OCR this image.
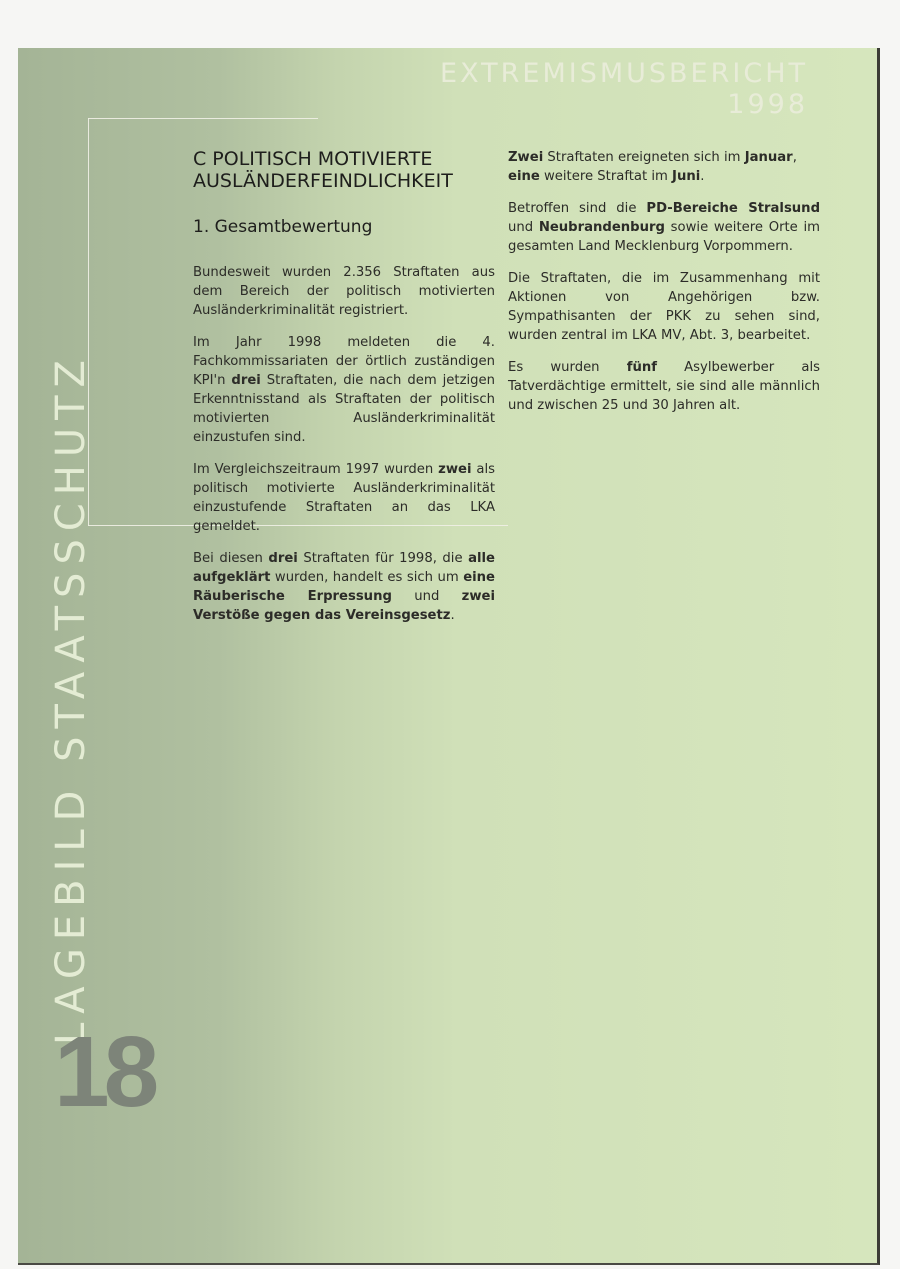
EXTREMISMUSBERICHT 1998
LAGEBILD STAATSSCHUTZ
18
C POLITISCH MOTIVIERTE
AUSLÄNDERFEINDLICHKEIT
1. Gesamtbewertung

Bundesweit wurden 2.356 Straftaten aus dem Bereich der politisch motivierten Ausländerkriminalität registriert.

Im Jahr 1998 meldeten die 4. Fachkommissariaten der örtlich zuständigen KPI'n drei Straftaten, die nach dem jetzigen Erkenntnisstand als Straftaten der politisch motivierten Ausländerkriminalität einzustufen sind.

Im Vergleichszeitraum 1997 wurden zwei als politisch motivierte Ausländerkriminalität einzustufende Straftaten an das LKA gemeldet.

Bei diesen drei Straftaten für 1998, die alle aufgeklärt wurden, handelt es sich um eine Räuberische Erpressung und zwei Verstöße gegen das Vereinsgesetz.

Zwei Straftaten ereigneten sich im Januar, eine weitere Straftat im Juni.

Betroffen sind die PD-Bereiche Stralsund und Neubrandenburg sowie weitere Orte im gesamten Land Mecklenburg Vorpommern.

Die Straftaten, die im Zusammenhang mit Aktionen von Angehörigen bzw. Sympathisanten der PKK zu sehen sind, wurden zentral im LKA MV, Abt. 3, bearbeitet.

Es wurden fünf Asylbewerber als Tatverdächtige ermittelt, sie sind alle männlich und zwischen 25 und 30 Jahren alt.
